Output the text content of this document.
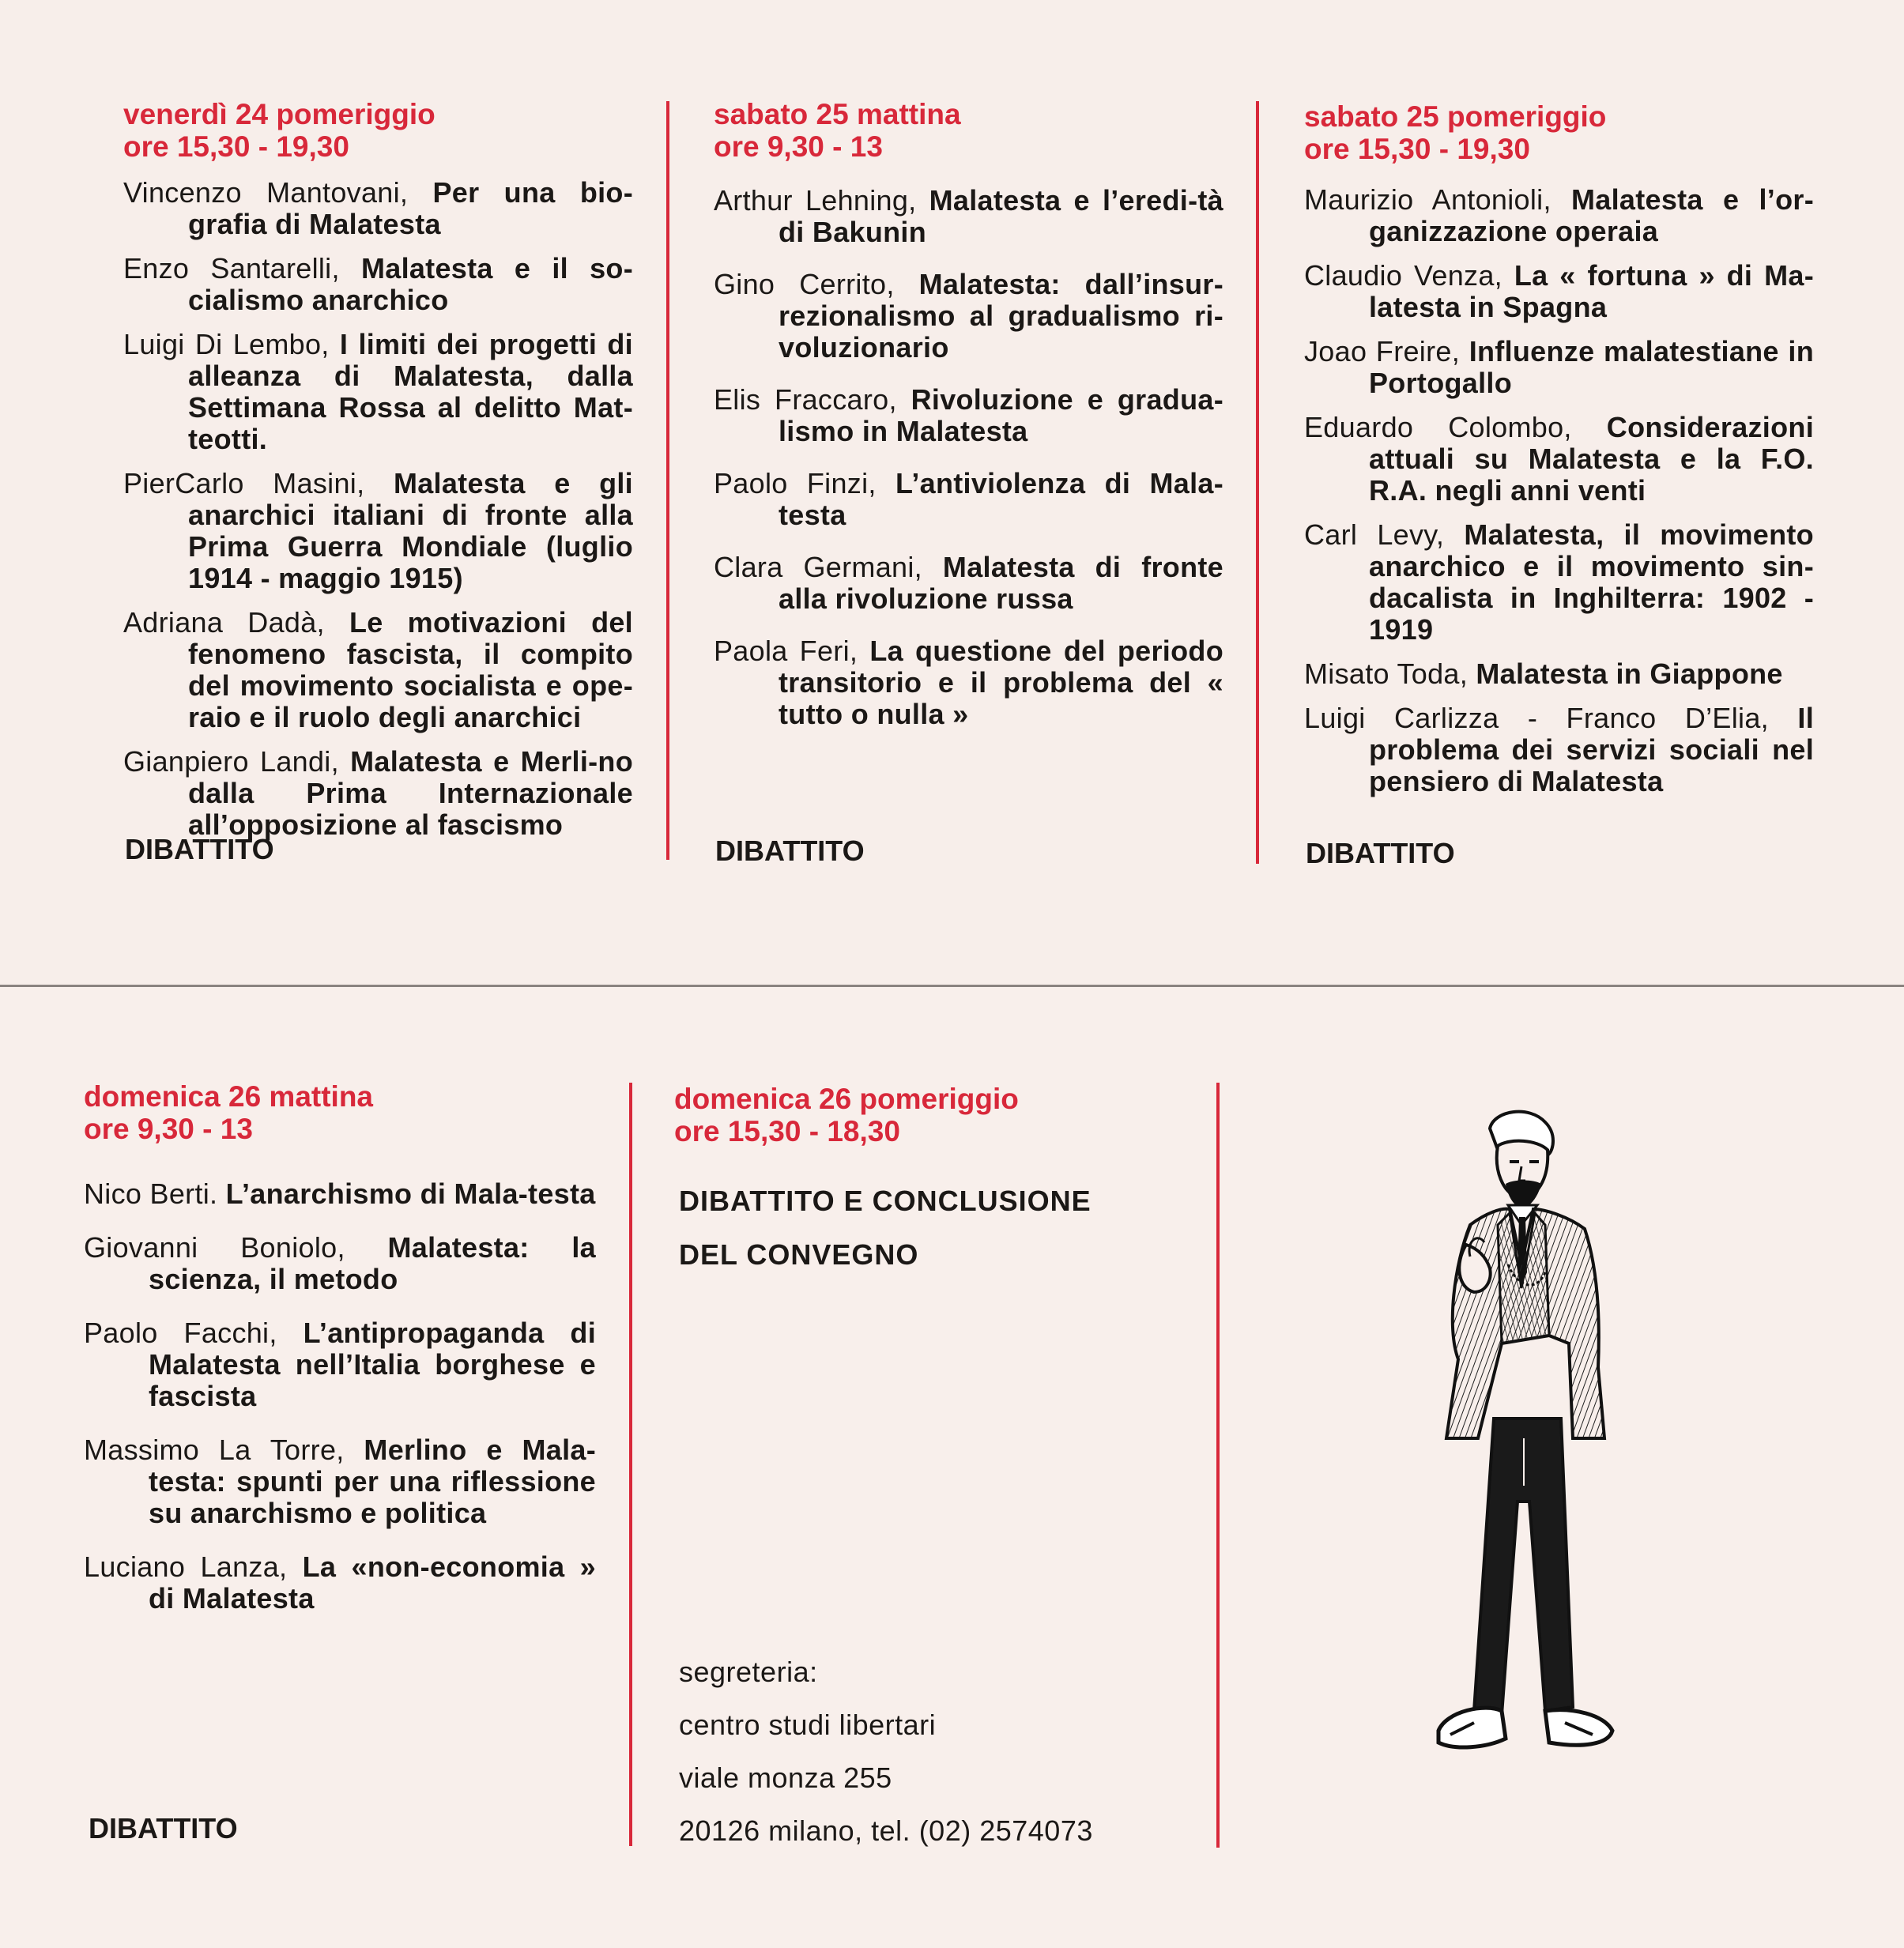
venerdì 24 pomeriggio
ore 15,30 - 19,30

Vincenzo Mantovani, Per una bio-grafia di Malatesta

Enzo Santarelli, Malatesta e il so-cialismo anarchico

Luigi Di Lembo, I limiti dei progetti di alleanza di Malatesta, dalla Settimana Rossa al delitto Mat-teotti.

PierCarlo Masini, Malatesta e gli anarchici italiani di fronte alla Prima Guerra Mondiale (luglio 1914 - maggio 1915)

Adriana Dadà, Le motivazioni del fenomeno fascista, il compito del movimento socialista e ope-raio e il ruolo degli anarchici

Gianpiero Landi, Malatesta e Merli-no dalla Prima Internazionale all’opposizione al fascismo

DIBATTITO
sabato 25 mattina
ore 9,30 - 13

Arthur Lehning, Malatesta e l’eredi-tà di Bakunin

Gino Cerrito, Malatesta: dall’insur-rezionalismo al gradualismo ri-voluzionario

Elis Fraccaro, Rivoluzione e gradua-lismo in Malatesta

Paolo Finzi, L’antiviolenza di Mala-testa

Clara Germani, Malatesta di fronte alla rivoluzione russa

Paola Feri, La questione del periodo transitorio e il problema del « tutto o nulla »

DIBATTITO
sabato 25 pomeriggio
ore 15,30 - 19,30

Maurizio Antonioli, Malatesta e l’or-ganizzazione operaia

Claudio Venza, La « fortuna » di Ma-latesta in Spagna

Joao Freire, Influenze malatestiane in Portogallo

Eduardo Colombo, Considerazioni attuali su Malatesta e la F.O. R.A. negli anni venti

Carl Levy, Malatesta, il movimento anarchico e il movimento sin-dacalista in Inghilterra: 1902 - 1919

Misato Toda, Malatesta in Giappone

Luigi Carlizza - Franco D’Elia, Il problema dei servizi sociali nel pensiero di Malatesta

DIBATTITO
domenica 26 mattina
ore 9,30 - 13

Nico Berti. L’anarchismo di Mala-testa

Giovanni Boniolo, Malatesta: la scienza, il metodo

Paolo Facchi, L’antipropaganda di Malatesta nell’Italia borghese e fascista

Massimo La Torre, Merlino e Mala-testa: spunti per una riflessione su anarchismo e politica

Luciano Lanza, La «non-economia » di Malatesta

DIBATTITO
domenica 26 pomeriggio
ore 15,30 - 18,30
DIBATTITO E CONCLUSIONE
DEL CONVEGNO
segreteria:
centro studi libertari
viale monza 255
20126 milano, tel. (02) 2574073
